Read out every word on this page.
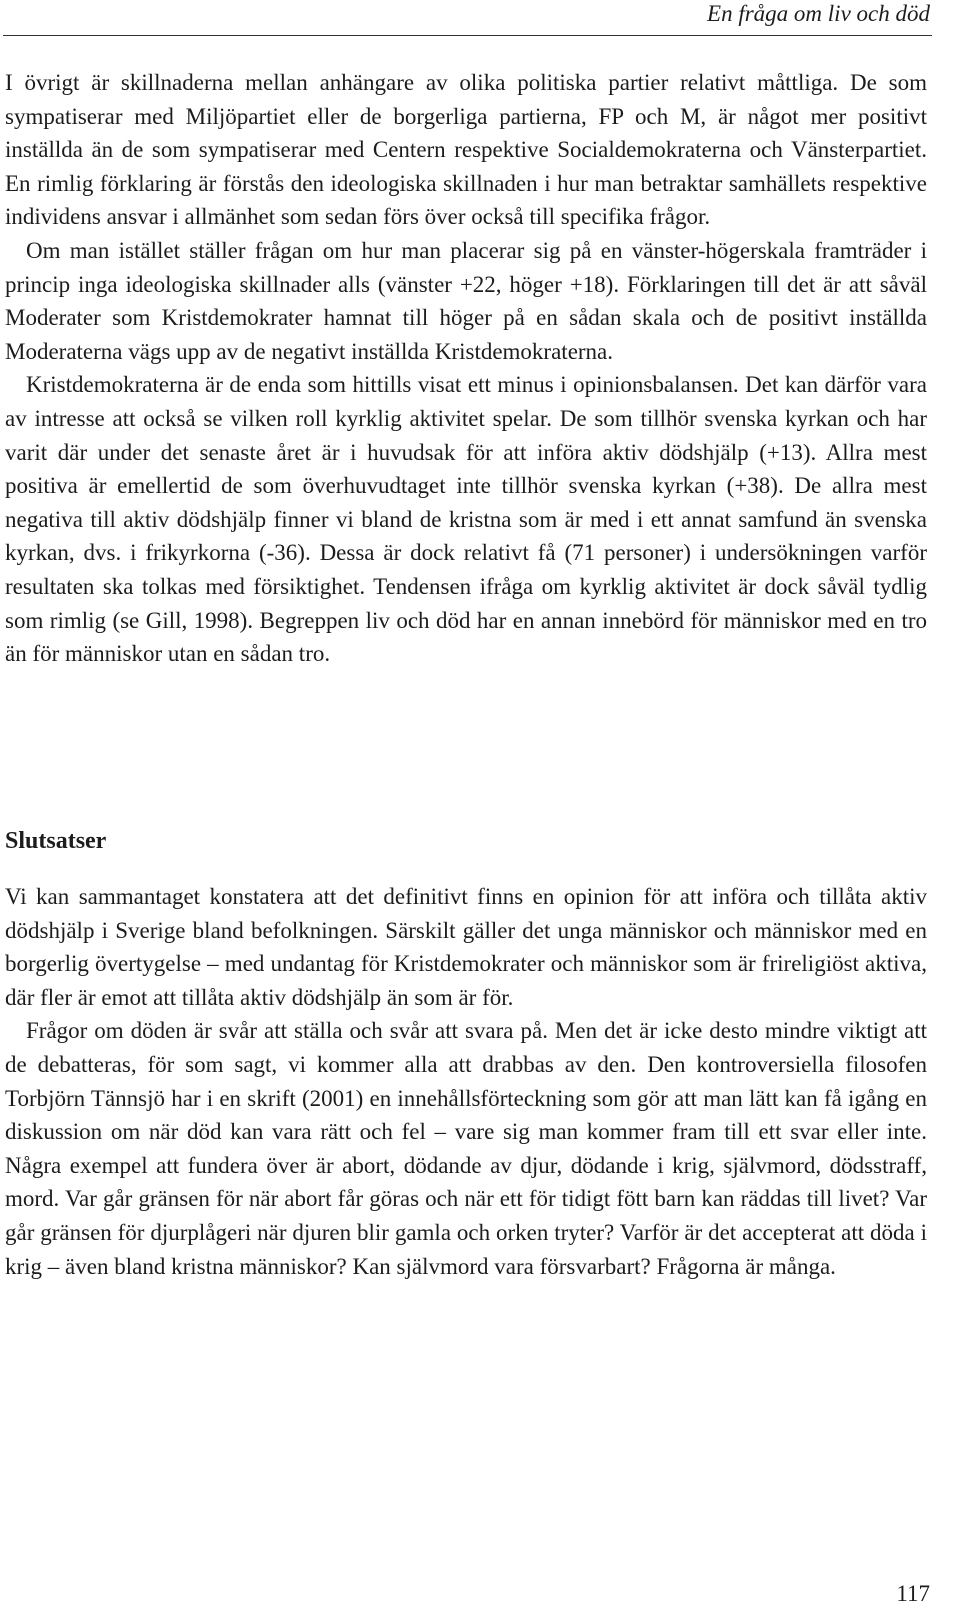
En fråga om liv och död

I övrigt är skillnaderna mellan anhängare av olika politiska partier relativt måttliga. De som sympatiserar med Miljöpartiet eller de borgerliga partierna, FP och M, är något mer positivt inställda än de som sympatiserar med Centern respektive Socialdemokraterna och Vänsterpartiet. En rimlig förklaring är förstås den ideologiska skillnaden i hur man betraktar samhällets respektive individens ansvar i allmänhet som sedan förs över också till specifika frågor.

Om man istället ställer frågan om hur man placerar sig på en vänster-högerskala framträder i princip inga ideologiska skillnader alls (vänster +22, höger +18). Förklaringen till det är att såväl Moderater som Kristdemokrater hamnat till höger på en sådan skala och de positivt inställda Moderaterna vägs upp av de negativt inställda Kristdemokraterna.

Kristdemokraterna är de enda som hittills visat ett minus i opinionsbalansen. Det kan därför vara av intresse att också se vilken roll kyrklig aktivitet spelar. De som tillhör svenska kyrkan och har varit där under det senaste året är i huvudsak för att införa aktiv dödshjälp (+13). Allra mest positiva är emellertid de som överhuvudtaget inte tillhör svenska kyrkan (+38). De allra mest negativa till aktiv dödshjälp finner vi bland de kristna som är med i ett annat samfund än svenska kyrkan, dvs. i frikyrkorna (-36). Dessa är dock relativt få (71 personer) i undersökningen varför resultaten ska tolkas med försiktighet. Tendensen ifråga om kyrklig aktivitet är dock såväl tydlig som rimlig (se Gill, 1998). Begreppen liv och död har en annan innebörd för människor med en tro än för människor utan en sådan tro.

Slutsatser

Vi kan sammantaget konstatera att det definitivt finns en opinion för att införa och tillåta aktiv dödshjälp i Sverige bland befolkningen. Särskilt gäller det unga människor och människor med en borgerlig övertygelse – med undantag för Kristdemokrater och människor som är frireligiöst aktiva, där fler är emot att tillåta aktiv dödshjälp än som är för.

Frågor om döden är svår att ställa och svår att svara på. Men det är icke desto mindre viktigt att de debatteras, för som sagt, vi kommer alla att drabbas av den. Den kontroversiella filosofen Torbjörn Tännsjö har i en skrift (2001) en innehållsförteckning som gör att man lätt kan få igång en diskussion om när död kan vara rätt och fel – vare sig man kommer fram till ett svar eller inte. Några exempel att fundera över är abort, dödande av djur, dödande i krig, självmord, dödsstraff, mord. Var går gränsen för när abort får göras och när ett för tidigt fött barn kan räddas till livet? Var går gränsen för djurplågeri när djuren blir gamla och orken tryter? Varför är det accepterat att döda i krig – även bland kristna människor? Kan självmord vara försvarbart? Frågorna är många.

117
